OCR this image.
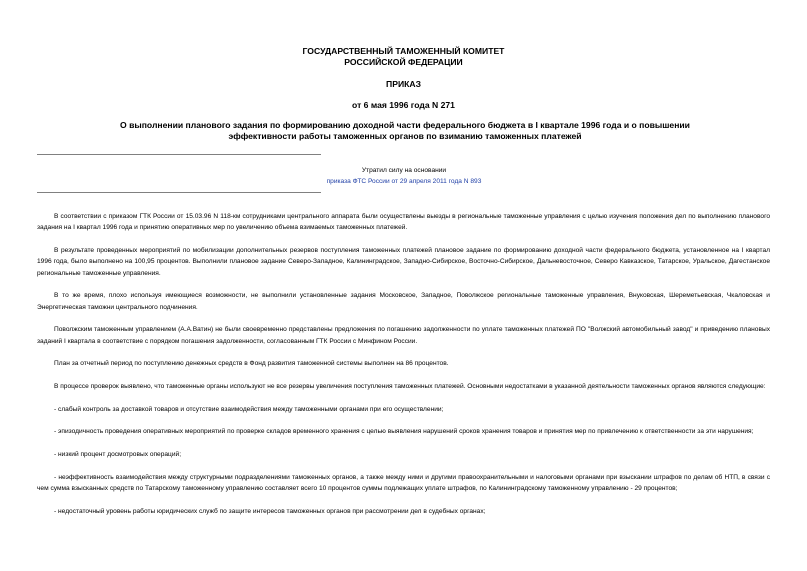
ГОСУДАРСТВЕННЫЙ ТАМОЖЕННЫЙ КОМИТЕТ
РОССИЙСКОЙ ФЕДЕРАЦИИ
ПРИКАЗ
от 6 мая 1996 года N 271
О выполнении планового задания по формированию доходной части федерального бюджета в I квартале 1996 года и о повышении эффективности работы таможенных органов по взиманию таможенных платежей
Утратил силу на основании
приказа ФТС России от 29 апреля 2011 года N 893

В соответствии с приказом ГТК России от 15.03.96 N 118-км сотрудниками центрального аппарата были осуществлены выезды в региональные таможенные управления с целью изучения положения дел по выполнению планового задания на I квартал 1996 года и принятию оперативных мер по увеличению объема взимаемых таможенных платежей.

В результате проведенных мероприятий по мобилизации дополнительных резервов поступления таможенных платежей плановое задание по формированию доходной части федерального бюджета, установленное на I квартал 1996 года, было выполнено на 100,95 процентов. Выполнили плановое задание Северо-Западное, Калининградское, Западно-Сибирское, Восточно-Сибирское, Дальневосточное, Северо Кавказское, Татарское, Уральское, Дагестанское региональные таможенные управления.

В то же время, плохо используя имеющиеся возможности, не выполнили установленные задания Московское, Западное, Поволжское региональные таможенные управления, Внуковская, Шереметьевская, Чкаловская и Энергетическая таможни центрального подчинения.

Поволжским таможенным управлением (А.А.Ватин) не были своевременно представлены предложения по погашению задолженности по уплате таможенных платежей ПО "Волжский автомобильный завод" и приведению плановых заданий I квартала в соответствие с порядком погашения задолженности, согласованным ГТК России с Минфином России.

План за отчетный период по поступлению денежных средств в Фонд развития таможенной системы выполнен на 86 процентов.

В процессе проверок выявлено, что таможенные органы используют не все резервы увеличения поступления таможенных платежей. Основными недостатками в указанной деятельности таможенных органов являются следующие:

- слабый контроль за доставкой товаров и отсутствие взаимодействия между таможенными органами при его осуществлении;

- эпизодичность проведения оперативных мероприятий по проверке складов временного хранения с целью выявления нарушений сроков хранения товаров и принятия мер по привлечению к ответственности за эти нарушения;

- низкий процент досмотровых операций;

- неэффективность взаимодействия между структурными подразделениями таможенных органов, а также между ними и другими правоохранительными и налоговыми органами при взыскании штрафов по делам об НТП, в связи с чем сумма взысканных средств по Татарскому таможенному управлению составляет всего 10 процентов суммы подлежащих уплате штрафов, по Калининградскому таможенному управлению - 29 процентов;

- недостаточный уровень работы юридических служб по защите интересов таможенных органов при рассмотрении дел в судебных органах;
